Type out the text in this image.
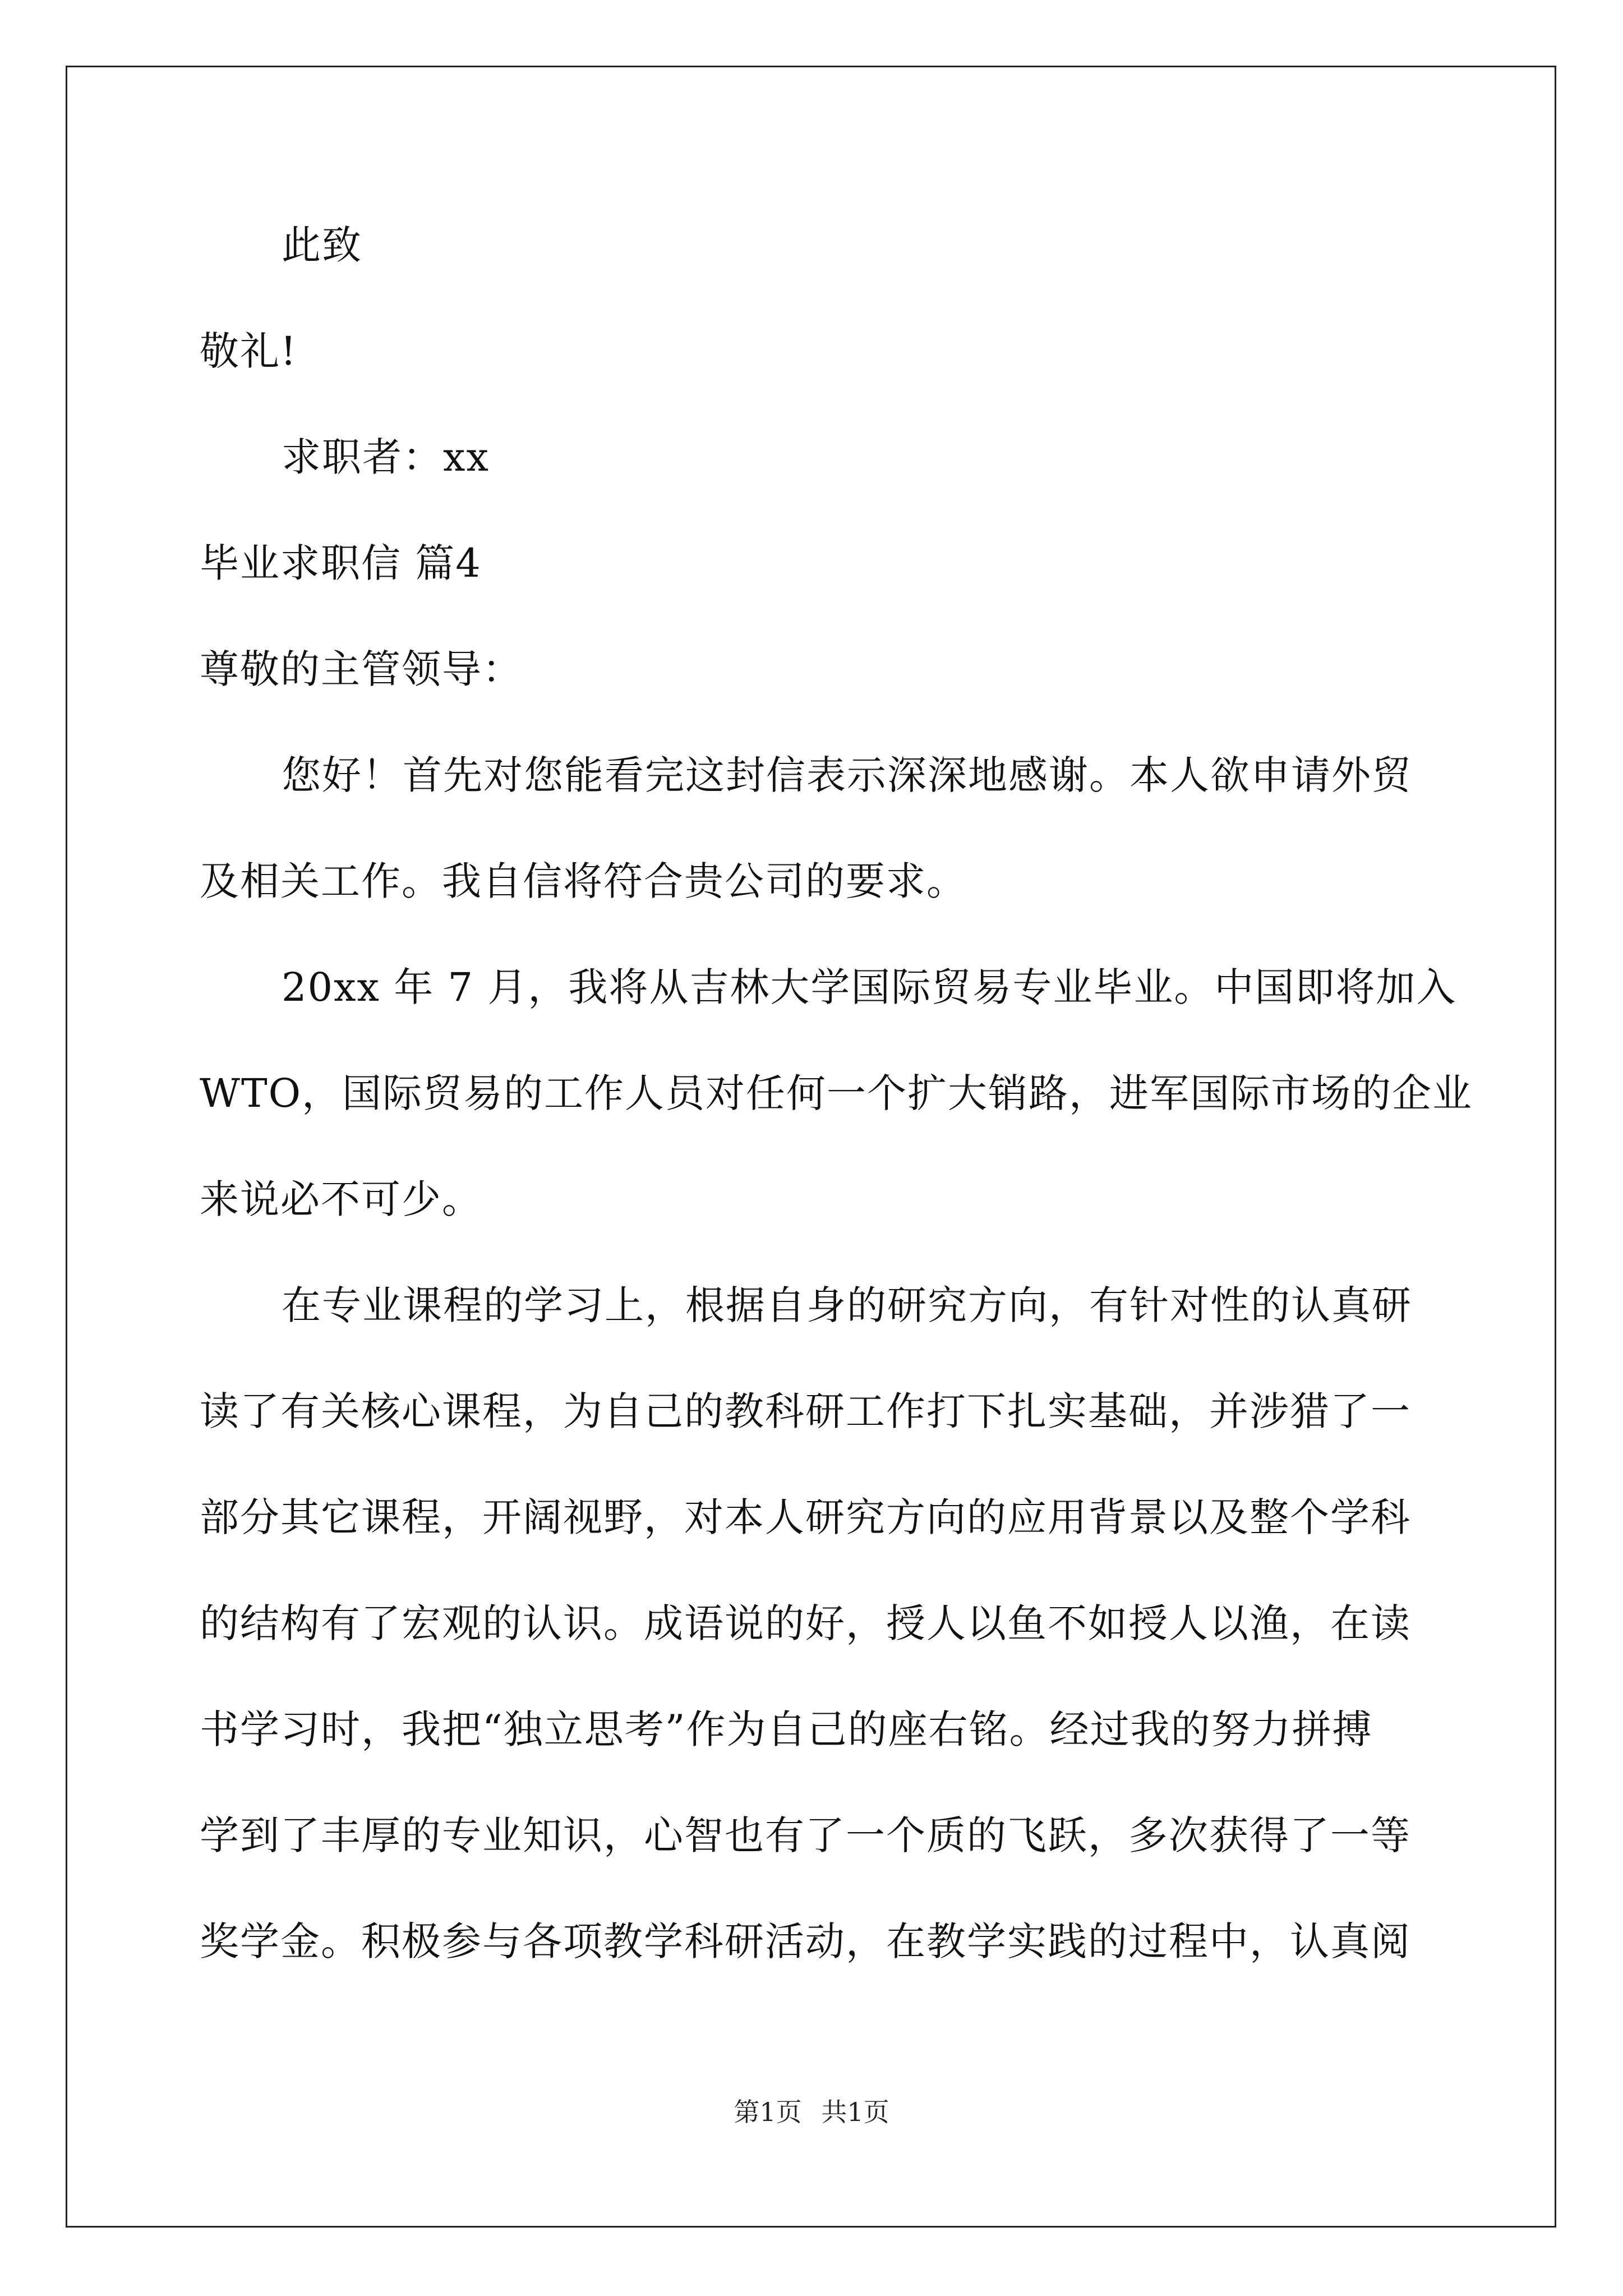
此致

敬礼!

求职者：xx

毕业求职信 篇4

尊敬的主管领导：

您好！首先对您能看完这封信表示深深地感谢。本人欲申请外贸

及相关工作。我自信将符合贵公司的要求。

20xx 年 7 月，我将从吉林大学国际贸易专业毕业。中国即将加入

WTO，国际贸易的工作人员对任何一个扩大销路，进军国际市场的企业

来说必不可少。

在专业课程的学习上，根据自身的研究方向，有针对性的认真研

读了有关核心课程，为自己的教科研工作打下扎实基础，并涉猎了一

部分其它课程，开阔视野，对本人研究方向的应用背景以及整个学科

的结构有了宏观的认识。成语说的好，授人以鱼不如授人以渔，在读

书学习时，我把“独立思考”作为自己的座右铭。经过我的努力拼搏

学到了丰厚的专业知识，心智也有了一个质的飞跃，多次获得了一等

奖学金。积极参与各项教学科研活动，在教学实践的过程中，认真阅

第1页 共1页
